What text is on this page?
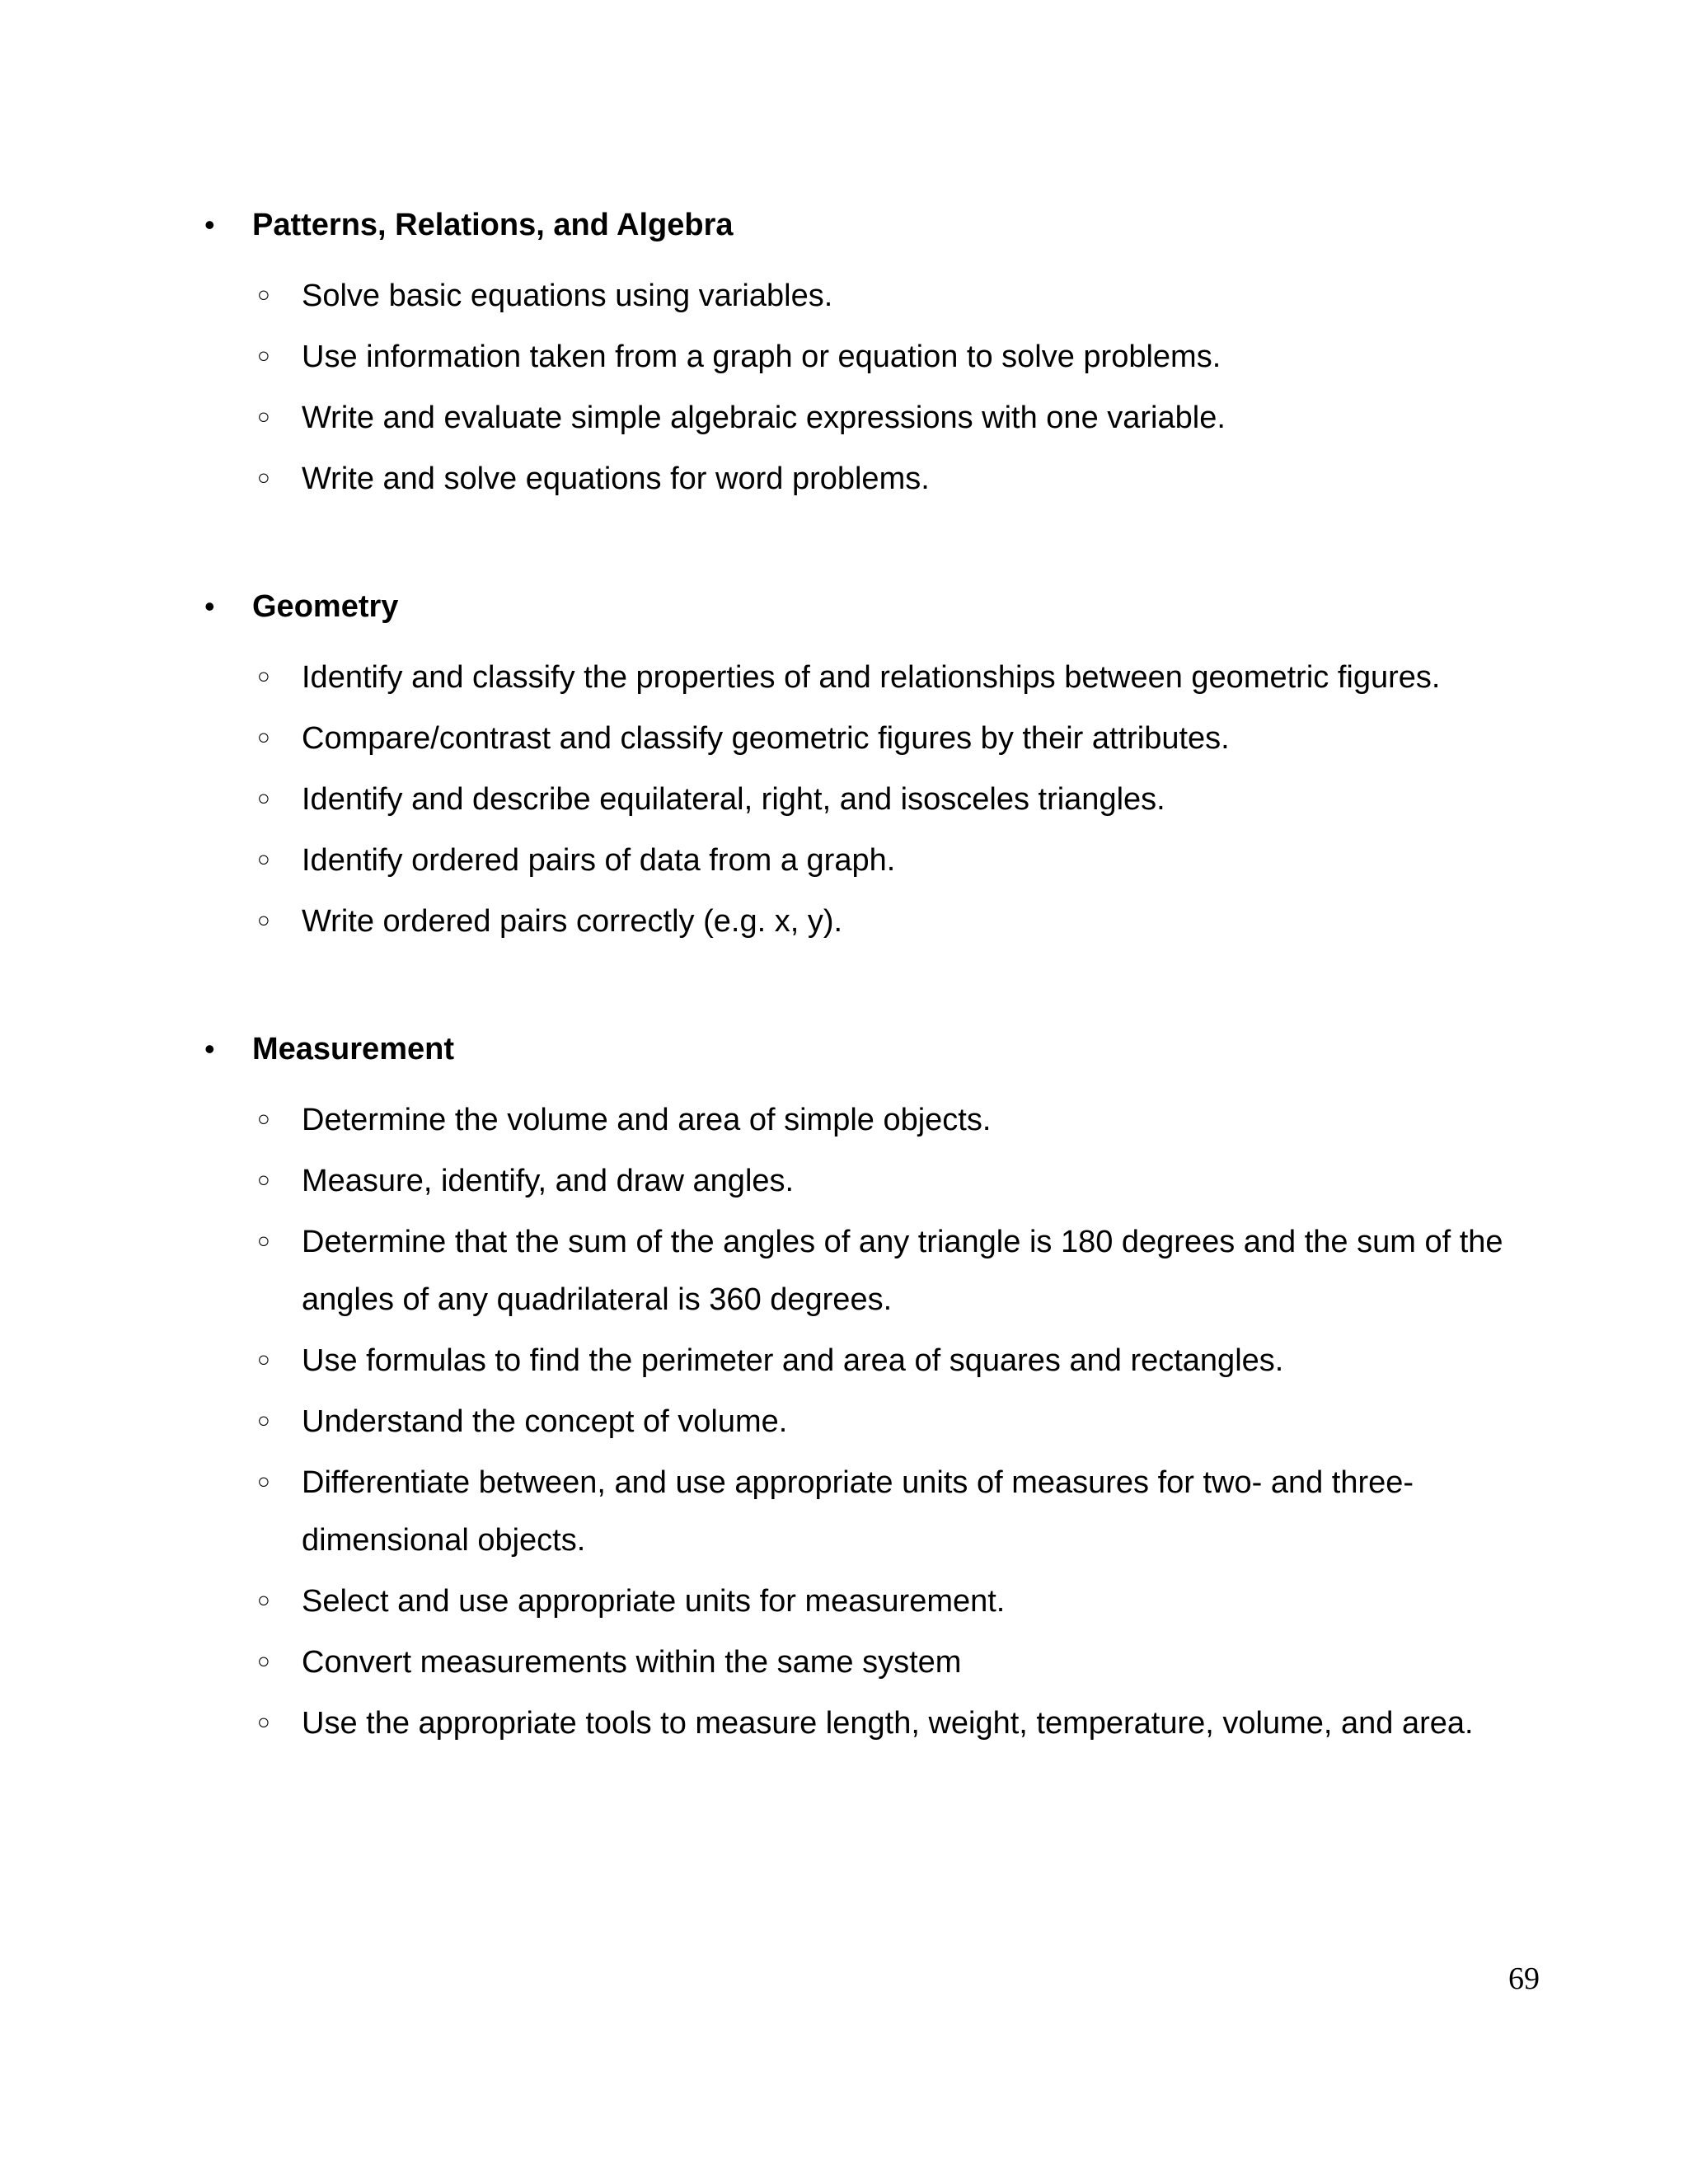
• Patterns, Relations, and Algebra
○ Solve basic equations using variables.
○ Use information taken from a graph or equation to solve problems.
○ Write and evaluate simple algebraic expressions with one variable.
○ Write and solve equations for word problems.
• Geometry
○ Identify and classify the properties of and relationships between geometric figures.
○ Compare/contrast and classify geometric figures by their attributes.
○ Identify and describe equilateral, right, and isosceles triangles.
○ Identify ordered pairs of data from a graph.
○ Write ordered pairs correctly (e.g. x, y).
• Measurement
○ Determine the volume and area of simple objects.
○ Measure, identify, and draw angles.
○ Determine that the sum of the angles of any triangle is 180 degrees and the sum of the angles of any quadrilateral is 360 degrees.
○ Use formulas to find the perimeter and area of squares and rectangles.
○ Understand the concept of volume.
○ Differentiate between, and use appropriate units of measures for two- and three-dimensional objects.
○ Select and use appropriate units for measurement.
○ Convert measurements within the same system
○ Use the appropriate tools to measure length, weight, temperature, volume, and area.
69
